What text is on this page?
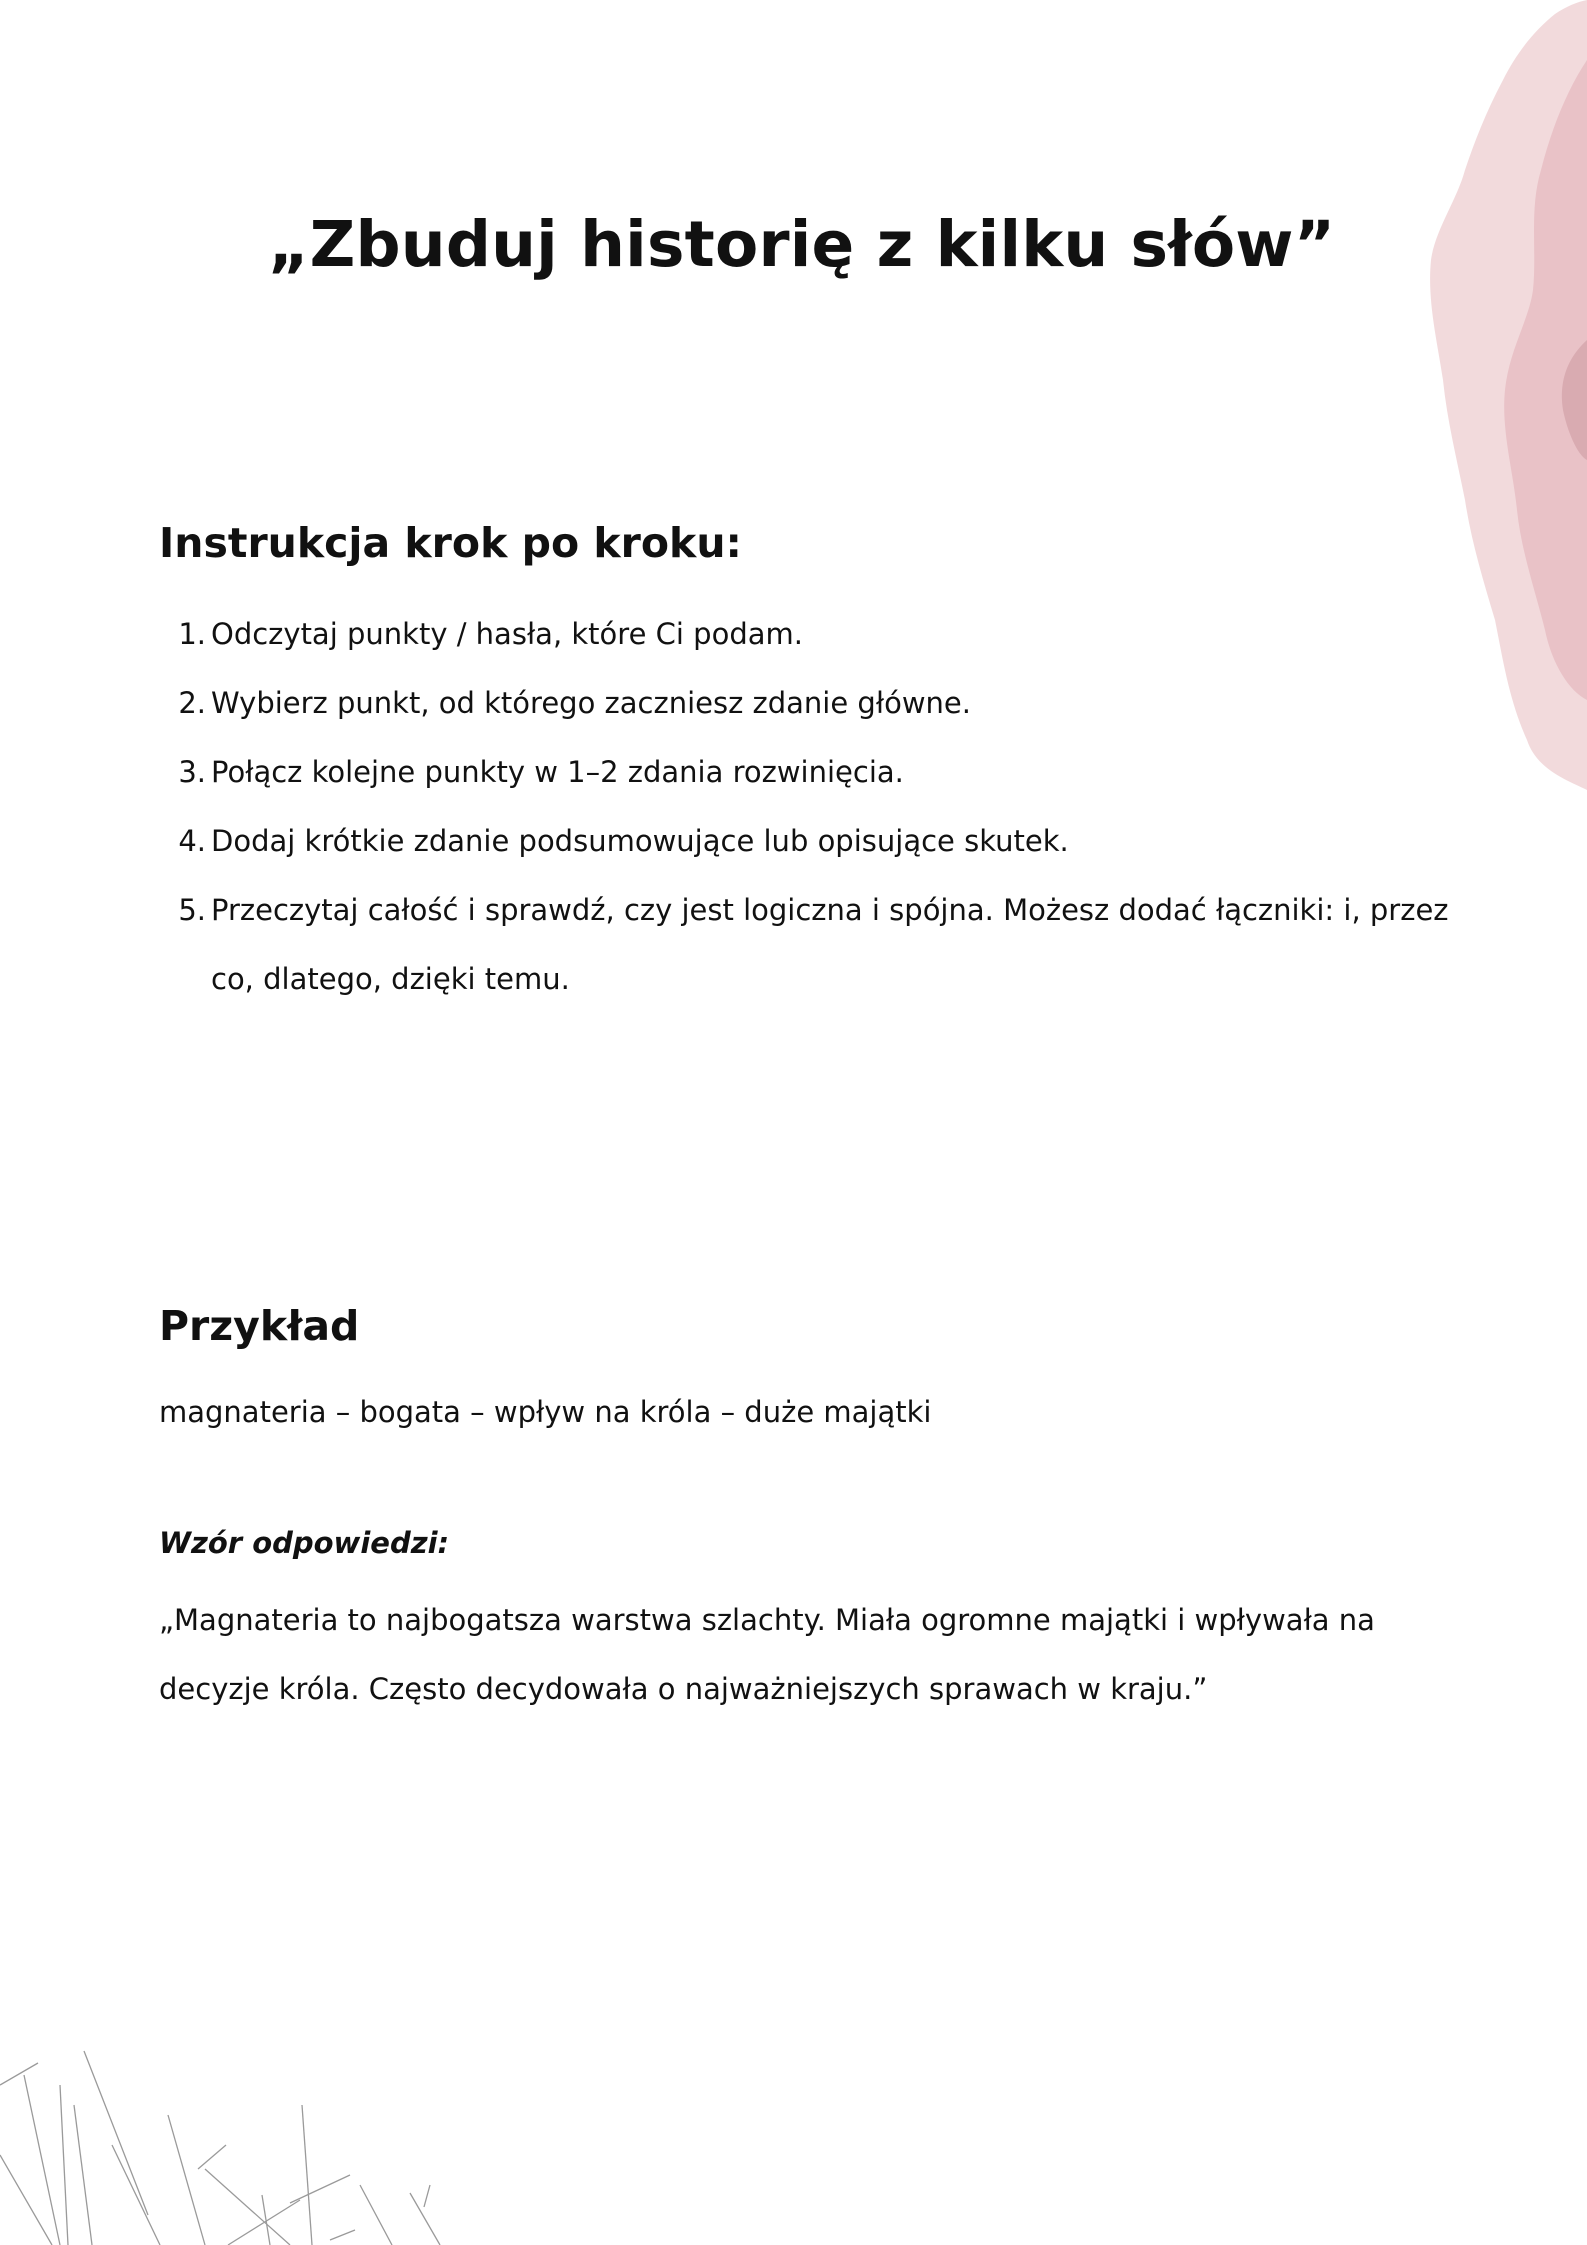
„Zbuduj historię z kilku słów”
Instrukcja krok po kroku:
1. Odczytaj punkty / hasła, które Ci podam.
2. Wybierz punkt, od którego zaczniesz zdanie główne.
3. Połącz kolejne punkty w 1–2 zdania rozwinięcia.
4. Dodaj krótkie zdanie podsumowujące lub opisujące skutek.
5. Przeczytaj całość i sprawdź, czy jest logiczna i spójna. Możesz dodać łączniki: i, przez co, dlatego, dzięki temu.
Przykład

magnateria – bogata – wpływ na króla – duże majątki

Wzór odpowiedzi:

„Magnateria to najbogatsza warstwa szlachty. Miała ogromne majątki i wpływała na decyzje króla. Często decydowała o najważniejszych sprawach w kraju.”
